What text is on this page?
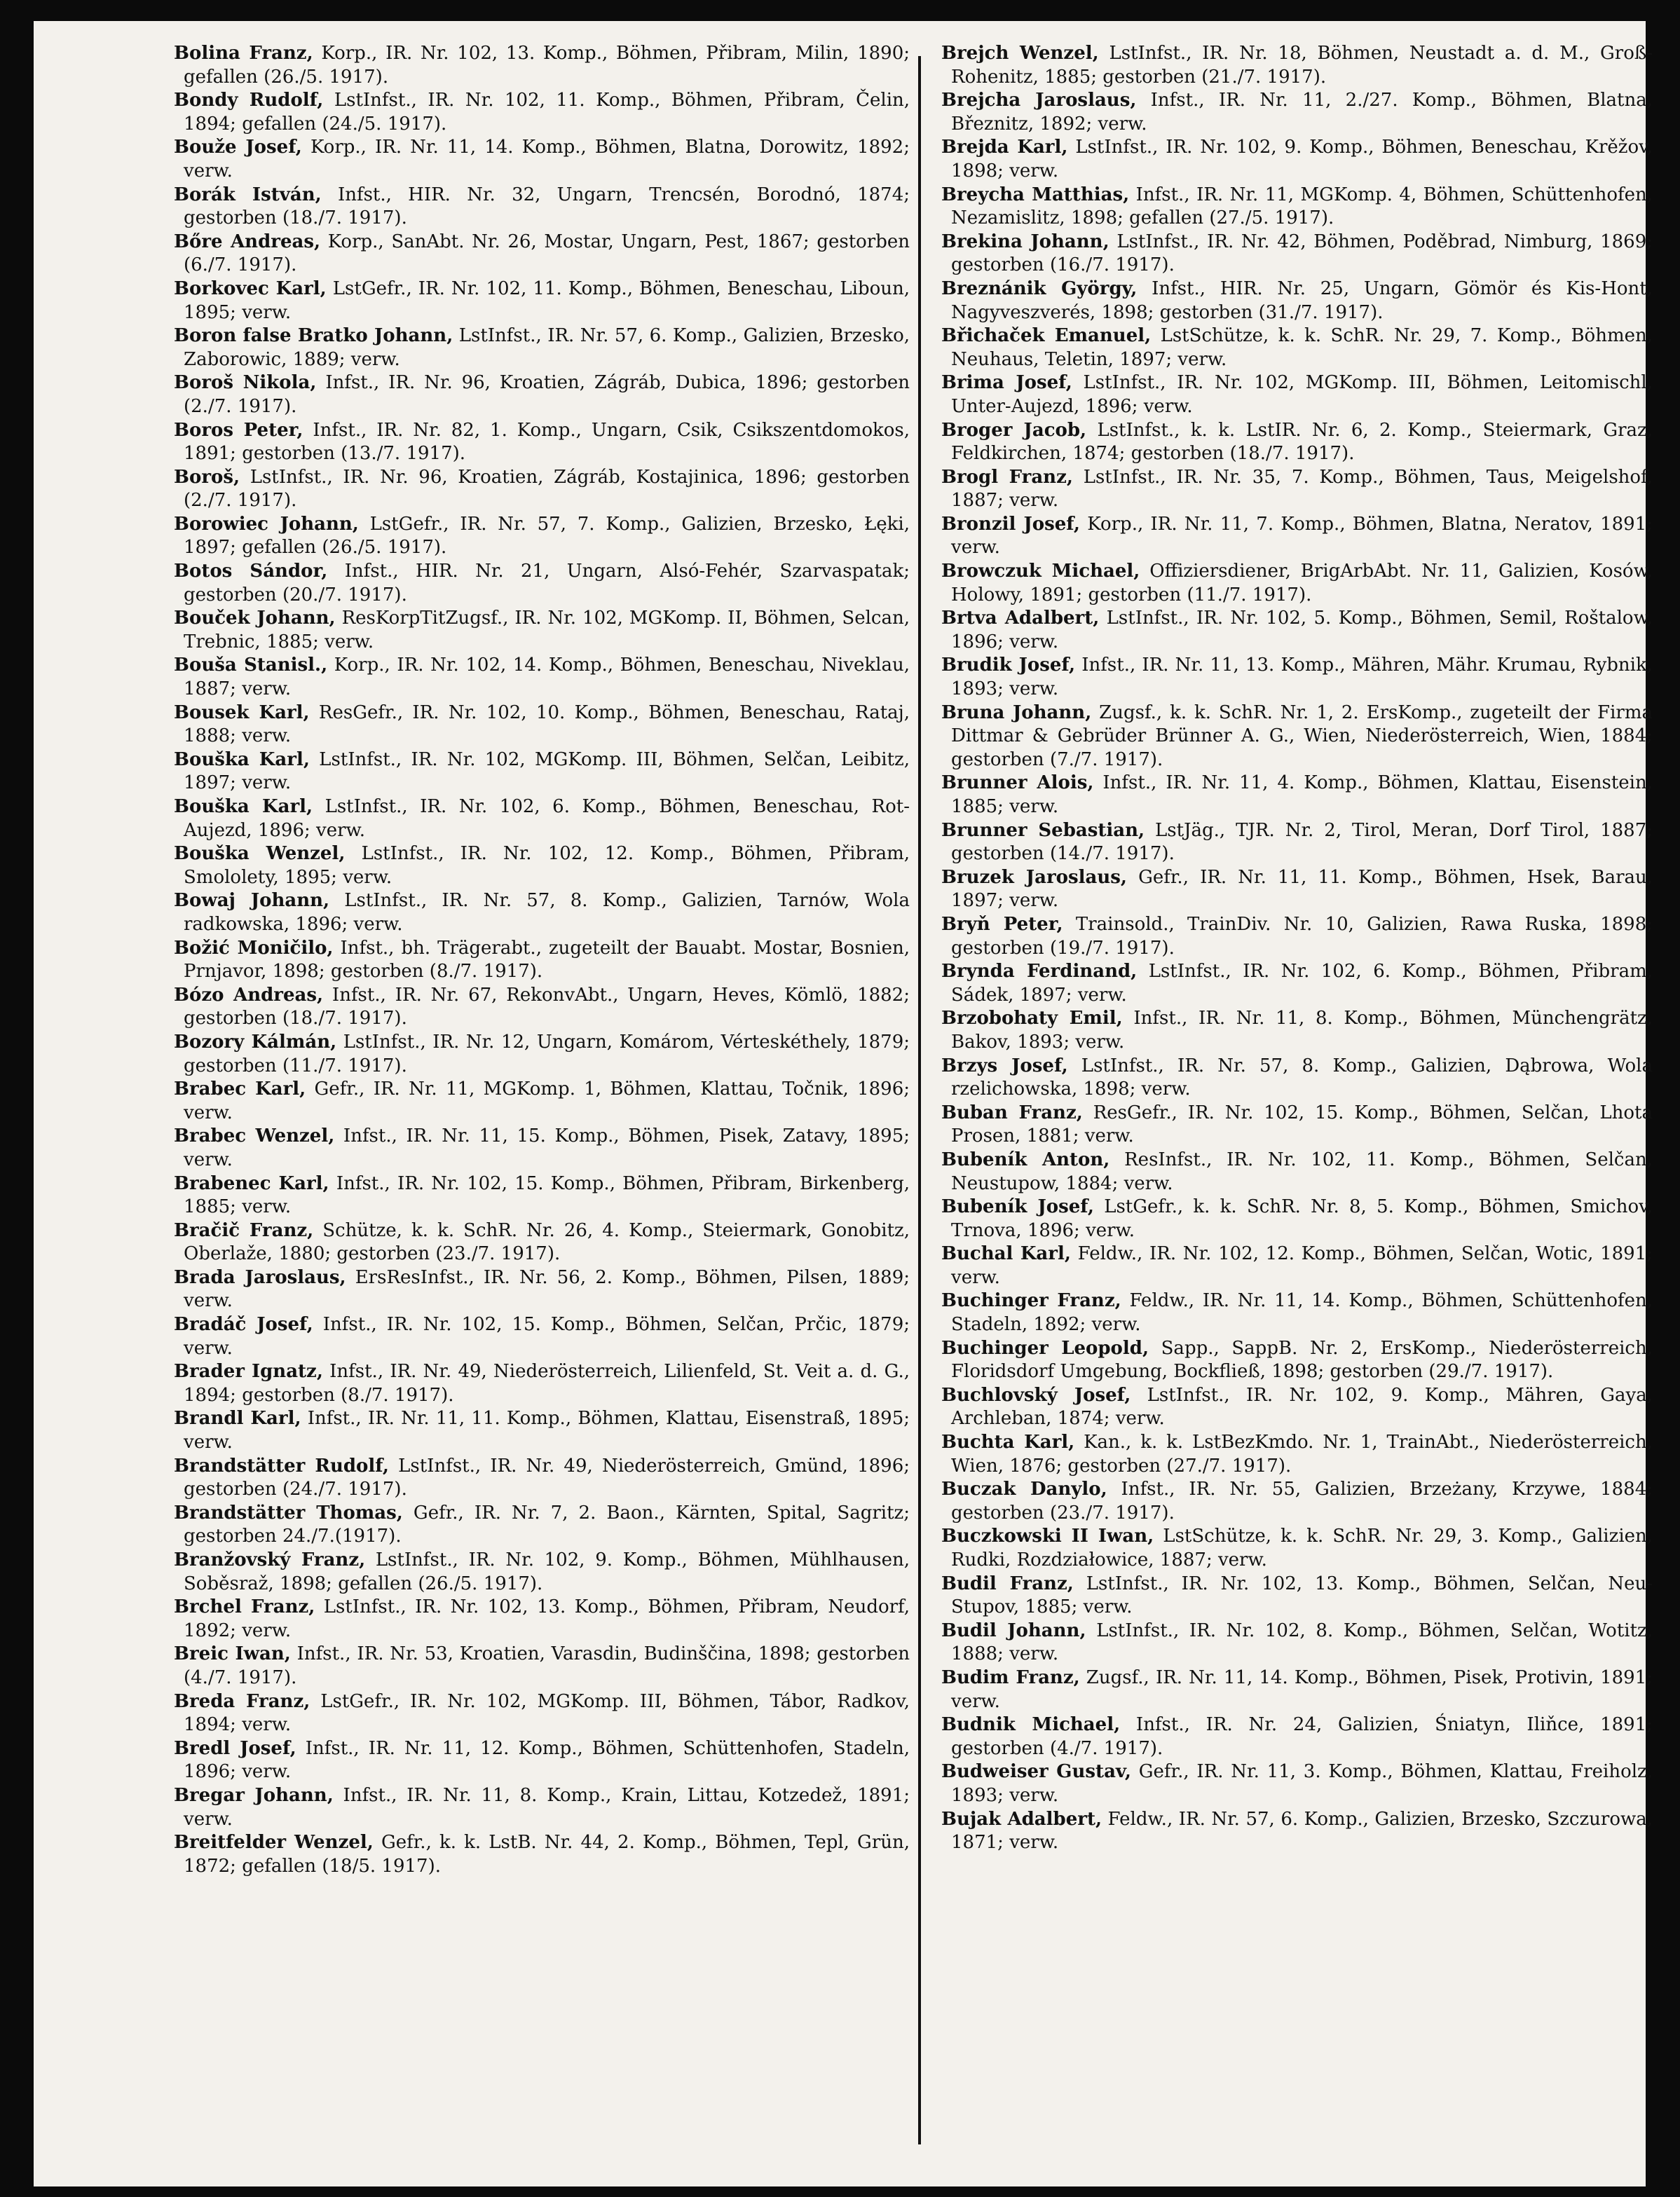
Bolina Franz, Korp., IR. Nr. 102, 13. Komp., Böhmen, Přibram, Milin, 1890; gefallen (26./5. 1917).
Bondy Rudolf, LstInfst., IR. Nr. 102, 11. Komp., Böhmen, Přibram, Čelin, 1894; gefallen (24./5. 1917).
Bouže Josef, Korp., IR. Nr. 11, 14. Komp., Böhmen, Blatna, Dorowitz, 1892; verw.
Borák István, Infst., HIR. Nr. 32, Ungarn, Trencsén, Borodnó, 1874; gestorben (18./7. 1917).
Bőre Andreas, Korp., SanAbt. Nr. 26, Mostar, Ungarn, Pest, 1867; gestorben (6./7. 1917).
Borkovec Karl, LstGefr., IR. Nr. 102, 11. Komp., Böhmen, Beneschau, Liboun, 1895; verw.
Boron false Bratko Johann, LstInfst., IR. Nr. 57, 6. Komp., Galizien, Brzesko, Zaborowic, 1889; verw.
Boroš Nikola, Infst., IR. Nr. 96, Kroatien, Zágráb, Dubica, 1896; gestorben (2./7. 1917).
Boros Peter, Infst., IR. Nr. 82, 1. Komp., Ungarn, Csik, Csikszentdomokos, 1891; gestorben (13./7. 1917).
Boroš, LstInfst., IR. Nr. 96, Kroatien, Zágráb, Kostajinica, 1896; gestorben (2./7. 1917).
Borowiec Johann, LstGefr., IR. Nr. 57, 7. Komp., Galizien, Brzesko, Łęki, 1897; gefallen (26./5. 1917).
Botos Sándor, Infst., HIR. Nr. 21, Ungarn, Alsó-Fehér, Szarvaspatak; gestorben (20./7. 1917).
Bouček Johann, ResKorpTitZugsf., IR. Nr. 102, MGKomp. II, Böhmen, Selcan, Trebnic, 1885; verw.
Bouša Stanisl., Korp., IR. Nr. 102, 14. Komp., Böhmen, Beneschau, Niveklau, 1887; verw.
Bousek Karl, ResGefr., IR. Nr. 102, 10. Komp., Böhmen, Beneschau, Rataj, 1888; verw.
Bouška Karl, LstInfst., IR. Nr. 102, MGKomp. III, Böhmen, Selčan, Leibitz, 1897; verw.
Bouška Karl, LstInfst., IR. Nr. 102, 6. Komp., Böhmen, Beneschau, Rot-Aujezd, 1896; verw.
Bouška Wenzel, LstInfst., IR. Nr. 102, 12. Komp., Böhmen, Přibram, Smololety, 1895; verw.
Bowaj Johann, LstInfst., IR. Nr. 57, 8. Komp., Galizien, Tarnów, Wola radkowska, 1896; verw.
Božić Moničilo, Infst., bh. Trägerabt., zugeteilt der Bauabt. Mostar, Bosnien, Prnjavor, 1898; gestorben (8./7. 1917).
Bózo Andreas, Infst., IR. Nr. 67, RekonvAbt., Ungarn, Heves, Kömlö, 1882; gestorben (18./7. 1917).
Bozory Kálmán, LstInfst., IR. Nr. 12, Ungarn, Komárom, Vérteskéthely, 1879; gestorben (11./7. 1917).
Brabec Karl, Gefr., IR. Nr. 11, MGKomp. 1, Böhmen, Klattau, Točnik, 1896; verw.
Brabec Wenzel, Infst., IR. Nr. 11, 15. Komp., Böhmen, Pisek, Zatavy, 1895; verw.
Brabenec Karl, Infst., IR. Nr. 102, 15. Komp., Böhmen, Přibram, Birkenberg, 1885; verw.
Bračič Franz, Schütze, k. k. SchR. Nr. 26, 4. Komp., Steiermark, Gonobitz, Oberlaže, 1880; gestorben (23./7. 1917).
Brada Jaroslaus, ErsResInfst., IR. Nr. 56, 2. Komp., Böhmen, Pilsen, 1889; verw.
Bradáč Josef, Infst., IR. Nr. 102, 15. Komp., Böhmen, Selčan, Prčic, 1879; verw.
Brader Ignatz, Infst., IR. Nr. 49, Niederösterreich, Lilienfeld, St. Veit a. d. G., 1894; gestorben (8./7. 1917).
Brandl Karl, Infst., IR. Nr. 11, 11. Komp., Böhmen, Klattau, Eisenstraß, 1895; verw.
Brandstätter Rudolf, LstInfst., IR. Nr. 49, Niederösterreich, Gmünd, 1896; gestorben (24./7. 1917).
Brandstätter Thomas, Gefr., IR. Nr. 7, 2. Baon., Kärnten, Spital, Sagritz; gestorben 24./7.(1917).
Branžovský Franz, LstInfst., IR. Nr. 102, 9. Komp., Böhmen, Mühlhausen, Soběsraž, 1898; gefallen (26./5. 1917).
Brchel Franz, LstInfst., IR. Nr. 102, 13. Komp., Böhmen, Přibram, Neudorf, 1892; verw.
Breic Iwan, Infst., IR. Nr. 53, Kroatien, Varasdin, Budinščina, 1898; gestorben (4./7. 1917).
Breda Franz, LstGefr., IR. Nr. 102, MGKomp. III, Böhmen, Tábor, Radkov, 1894; verw.
Bredl Josef, Infst., IR. Nr. 11, 12. Komp., Böhmen, Schüttenhofen, Stadeln, 1896; verw.
Bregar Johann, Infst., IR. Nr. 11, 8. Komp., Krain, Littau, Kotzedež, 1891; verw.
Breitfelder Wenzel, Gefr., k. k. LstB. Nr. 44, 2. Komp., Böhmen, Tepl, Grün, 1872; gefallen (18/5. 1917).
Brejch Wenzel, LstInfst., IR. Nr. 18, Böhmen, Neustadt a. d. M., Groß-Rohenitz, 1885; gestorben (21./7. 1917).
Brejcha Jaroslaus, Infst., IR. Nr. 11, 2./27. Komp., Böhmen, Blatna, Březnitz, 1892; verw.
Brejda Karl, LstInfst., IR. Nr. 102, 9. Komp., Böhmen, Beneschau, Krěžov, 1898; verw.
Breycha Matthias, Infst., IR. Nr. 11, MGKomp. 4, Böhmen, Schüttenhofen, Nezamislitz, 1898; gefallen (27./5. 1917).
Brekina Johann, LstInfst., IR. Nr. 42, Böhmen, Poděbrad, Nimburg, 1869; gestorben (16./7. 1917).
Breznánik György, Infst., HIR. Nr. 25, Ungarn, Gömör és Kis-Hont, Nagyveszverés, 1898; gestorben (31./7. 1917).
Břichaček Emanuel, LstSchütze, k. k. SchR. Nr. 29, 7. Komp., Böhmen, Neuhaus, Teletin, 1897; verw.
Brima Josef, LstInfst., IR. Nr. 102, MGKomp. III, Böhmen, Leitomischl, Unter-Aujezd, 1896; verw.
Broger Jacob, LstInfst., k. k. LstIR. Nr. 6, 2. Komp., Steiermark, Graz, Feldkirchen, 1874; gestorben (18./7. 1917).
Brogl Franz, LstInfst., IR. Nr. 35, 7. Komp., Böhmen, Taus, Meigelshof, 1887; verw.
Bronzil Josef, Korp., IR. Nr. 11, 7. Komp., Böhmen, Blatna, Neratov, 1891; verw.
Browczuk Michael, Offiziersdiener, BrigArbAbt. Nr. 11, Galizien, Kosów, Holowy, 1891; gestorben (11./7. 1917).
Brtva Adalbert, LstInfst., IR. Nr. 102, 5. Komp., Böhmen, Semil, Roštalow, 1896; verw.
Brudik Josef, Infst., IR. Nr. 11, 13. Komp., Mähren, Mähr. Krumau, Rybnik, 1893; verw.
Bruna Johann, Zugsf., k. k. SchR. Nr. 1, 2. ErsKomp., zugeteilt der Firma Dittmar & Gebrüder Brünner A. G., Wien, Niederösterreich, Wien, 1884; gestorben (7./7. 1917).
Brunner Alois, Infst., IR. Nr. 11, 4. Komp., Böhmen, Klattau, Eisenstein, 1885; verw.
Brunner Sebastian, LstJäg., TJR. Nr. 2, Tirol, Meran, Dorf Tirol, 1887; gestorben (14./7. 1917).
Bruzek Jaroslaus, Gefr., IR. Nr. 11, 11. Komp., Böhmen, Hsek, Barau, 1897; verw.
Bryň Peter, Trainsold., TrainDiv. Nr. 10, Galizien, Rawa Ruska, 1898; gestorben (19./7. 1917).
Brynda Ferdinand, LstInfst., IR. Nr. 102, 6. Komp., Böhmen, Přibram, Sádek, 1897; verw.
Brzobohaty Emil, Infst., IR. Nr. 11, 8. Komp., Böhmen, Münchengrätz, Bakov, 1893; verw.
Brzys Josef, LstInfst., IR. Nr. 57, 8. Komp., Galizien, Dąbrowa, Wola rzelichowska, 1898; verw.
Buban Franz, ResGefr., IR. Nr. 102, 15. Komp., Böhmen, Selčan, Lhota Prosen, 1881; verw.
Bubeník Anton, ResInfst., IR. Nr. 102, 11. Komp., Böhmen, Selčan, Neustupow, 1884; verw.
Bubeník Josef, LstGefr., k. k. SchR. Nr. 8, 5. Komp., Böhmen, Smichov, Trnova, 1896; verw.
Buchal Karl, Feldw., IR. Nr. 102, 12. Komp., Böhmen, Selčan, Wotic, 1891; verw.
Buchinger Franz, Feldw., IR. Nr. 11, 14. Komp., Böhmen, Schüttenhofen, Stadeln, 1892; verw.
Buchinger Leopold, Sapp., SappB. Nr. 2, ErsKomp., Niederösterreich, Floridsdorf Umgebung, Bockfließ, 1898; gestorben (29./7. 1917).
Buchlovský Josef, LstInfst., IR. Nr. 102, 9. Komp., Mähren, Gaya, Archleban, 1874; verw.
Buchta Karl, Kan., k. k. LstBezKmdo. Nr. 1, TrainAbt., Niederösterreich, Wien, 1876; gestorben (27./7. 1917).
Buczak Danylo, Infst., IR. Nr. 55, Galizien, Brzeżany, Krzywe, 1884; gestorben (23./7. 1917).
Buczkowski II Iwan, LstSchütze, k. k. SchR. Nr. 29, 3. Komp., Galizien, Rudki, Rozdziałowice, 1887; verw.
Budil Franz, LstInfst., IR. Nr. 102, 13. Komp., Böhmen, Selčan, Neu-Stupov, 1885; verw.
Budil Johann, LstInfst., IR. Nr. 102, 8. Komp., Böhmen, Selčan, Wotitz, 1888; verw.
Budim Franz, Zugsf., IR. Nr. 11, 14. Komp., Böhmen, Pisek, Protivin, 1891; verw.
Budnik Michael, Infst., IR. Nr. 24, Galizien, Śniatyn, Iliňce, 1891; gestorben (4./7. 1917).
Budweiser Gustav, Gefr., IR. Nr. 11, 3. Komp., Böhmen, Klattau, Freiholz, 1893; verw.
Bujak Adalbert, Feldw., IR. Nr. 57, 6. Komp., Galizien, Brzesko, Szczurowa, 1871; verw.
